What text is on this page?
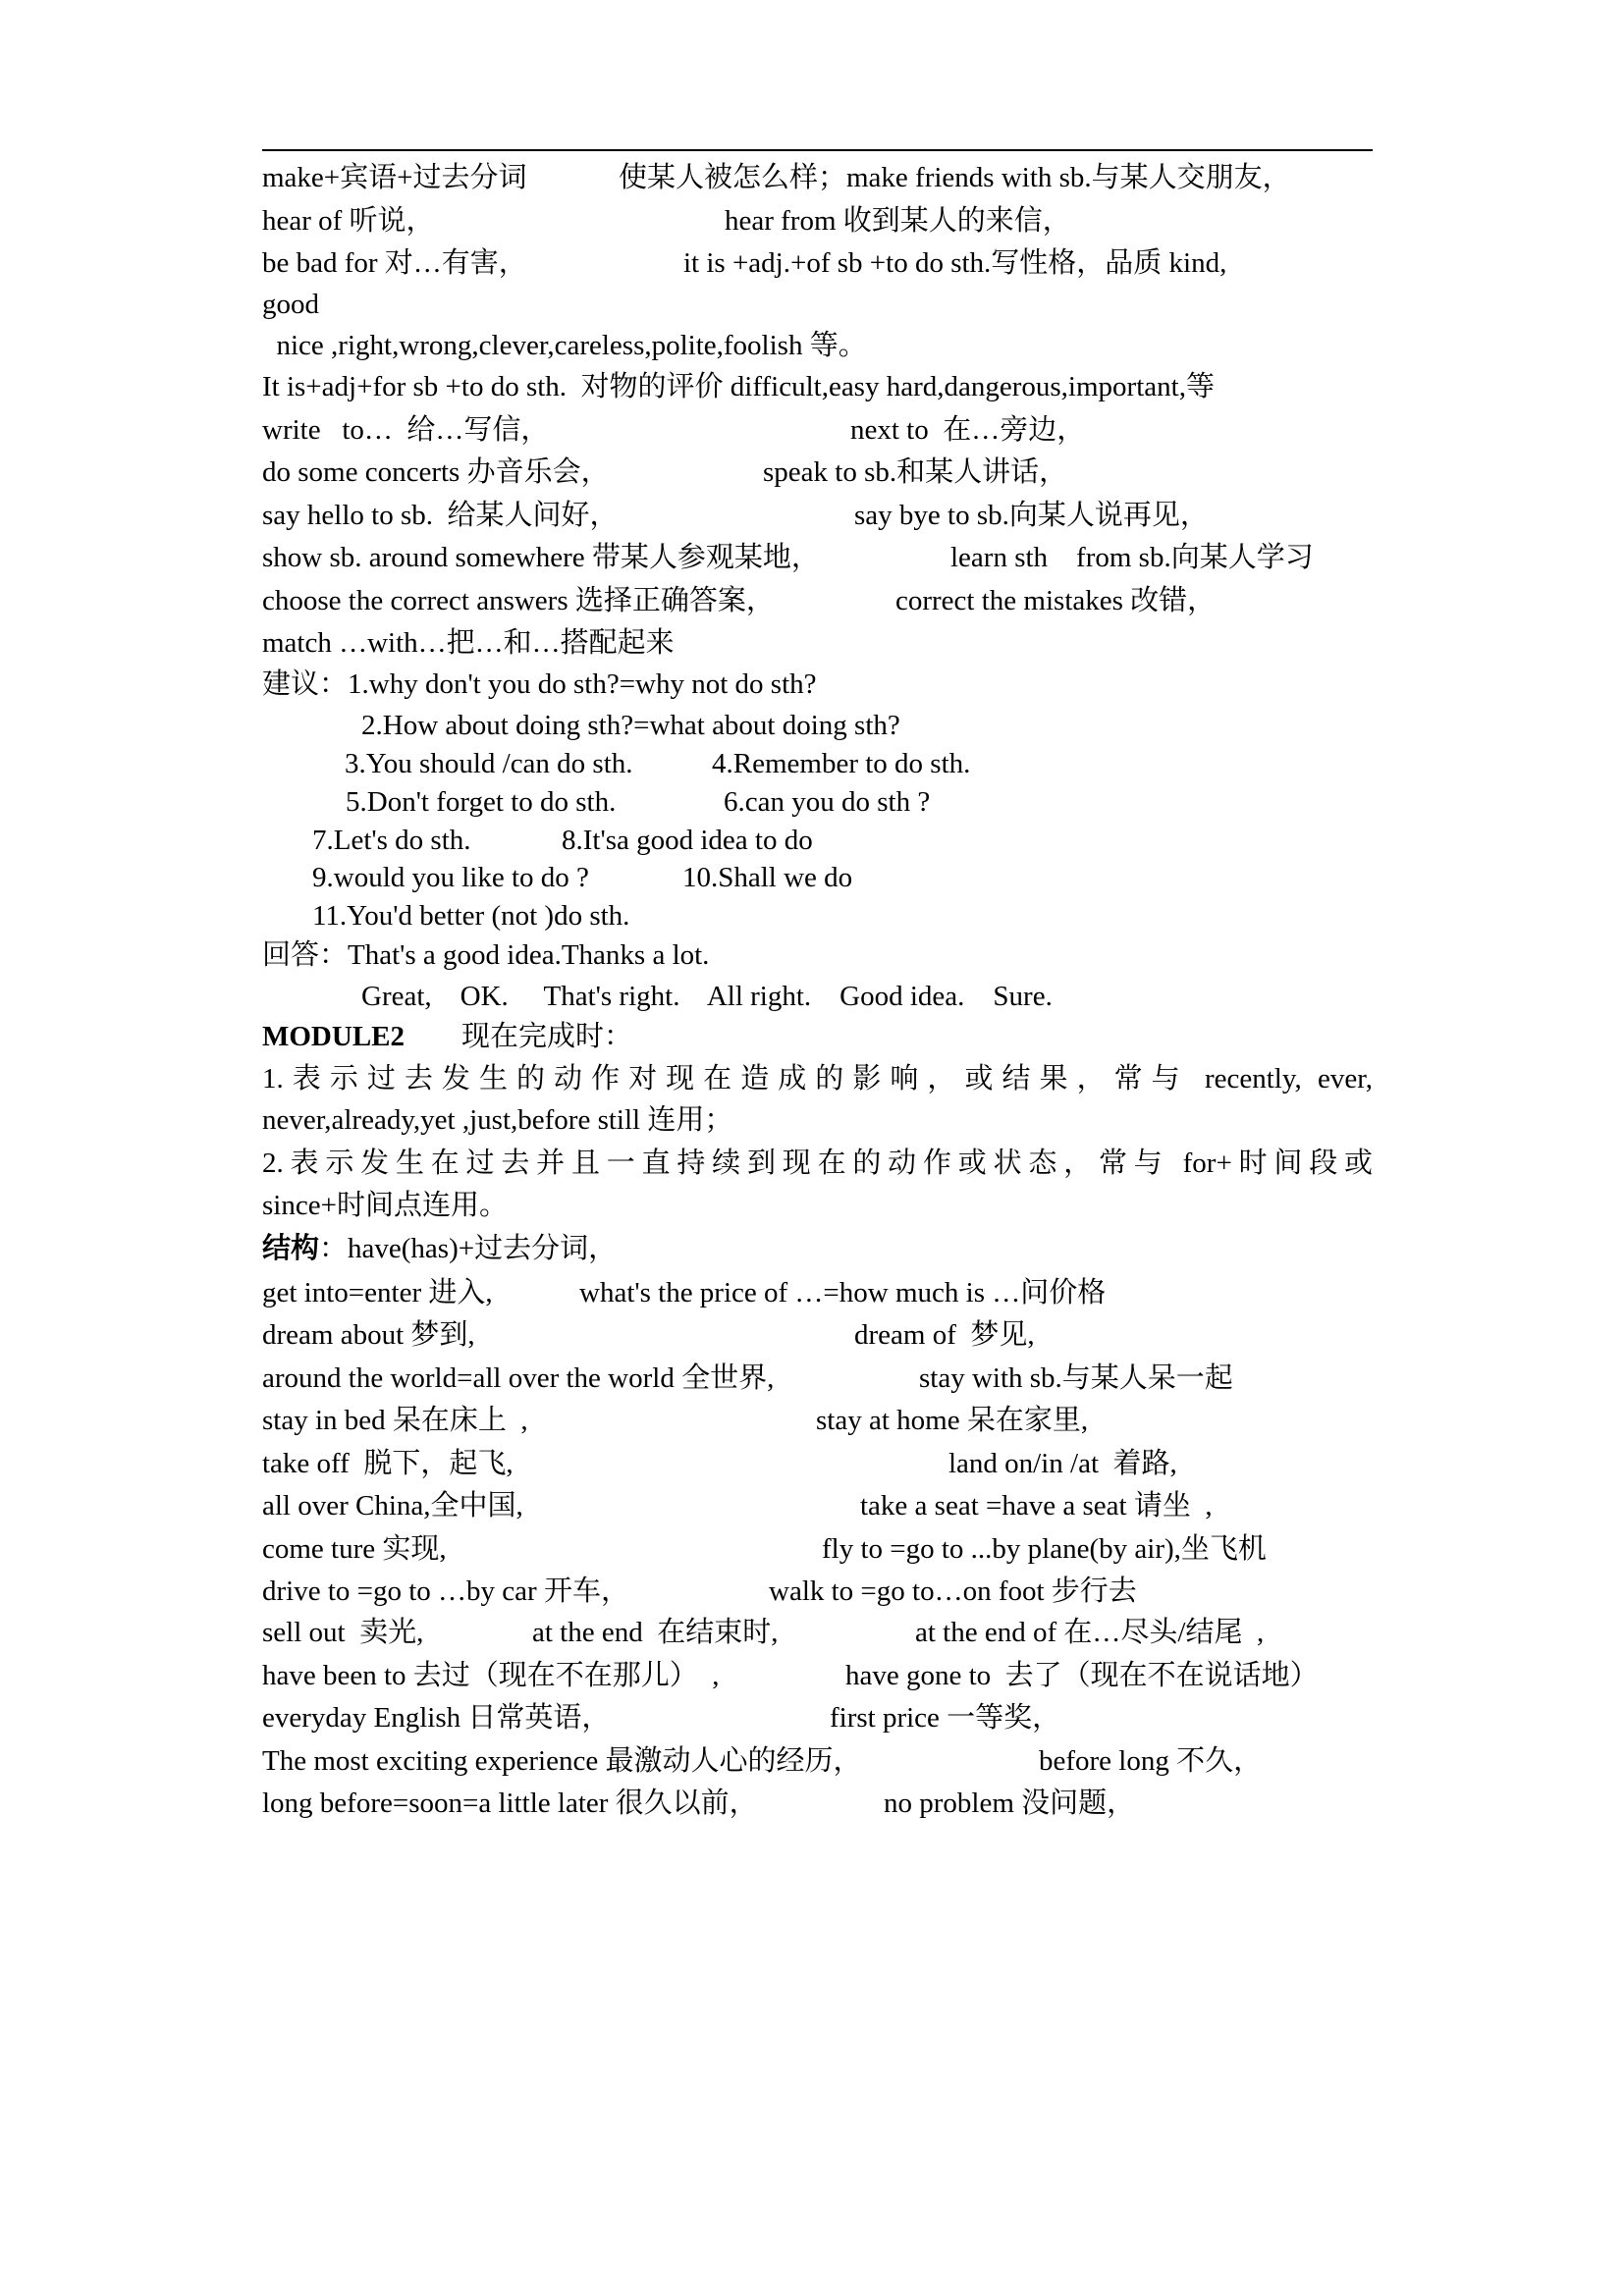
make+宾语+过去分词	使某人被怎么样；make friends with sb.与某人交朋友，
hear of 听说，	hear from 收到某人的来信，
be bad for 对…有害，	it is +adj.+of sb +to do sth.写性格，品质 kind,
good
nice ,right,wrong,clever,careless,polite,foolish 等。
It is+adj+for sb +to do sth.  对物的评价 difficult,easy hard,dangerous,important,等
write   to…  给…写信，	next to  在…旁边，
do some concerts 办音乐会，	speak to sb.和某人讲话，
say hello to sb.  给某人问好，	say bye to sb.向某人说再见，
show sb. around somewhere 带某人参观某地，	learn sth    from sb.向某人学习
choose the correct answers 选择正确答案，	correct the mistakes 改错，
match …with…把…和…搭配起来
建议：1.why don't you do sth?=why not do sth?
2.How about doing sth?=what about doing sth?
3.You should /can do sth.	4.Remember to do sth.
5.Don't forget to do sth.	6.can you do sth ?
7.Let's do sth.	8.It'sa good idea to do
9.would you like to do ?	10.Shall we do
11.You'd better (not )do sth.
回答：That's a good idea.Thanks a lot.
Great,    OK.     That's right.    All right.    Good idea.    Sure.
MODULE2 现在完成时：
1.表示过去发生的动作对现在造成的影响，或结果，常与 recently, ever,
never,already,yet ,just,before still 连用；
2.表示发生在过去并且一直持续到现在的动作或状态，常与 for+时间段或
since+时间点连用。
结构：have(has)+过去分词，
get into=enter 进入,	what's the price of …=how much is …问价格
dream about 梦到,	dream of  梦见,
around the world=all over the world 全世界,	stay with sb.与某人呆一起
stay in bed 呆在床上  ,	stay at home 呆在家里,
take off  脱下，起飞,	land on/in /at  着路,
all over China,全中国,	take a seat =have a seat 请坐  ,
come ture 实现,	fly to =go to ...by plane(by air),坐飞机
drive to =go to …by car 开车，	walk to =go to…on foot 步行去
sell out  卖光,	at the end  在结束时,	at the end of 在…尽头/结尾  ,
have been to 去过（现在不在那儿）  ,	have gone to  去了（现在不在说话地）
everyday English 日常英语，	first price 一等奖，
The most exciting experience 最激动人心的经历，	before long 不久，
long before=soon=a little later 很久以前，	no problem 没问题，
